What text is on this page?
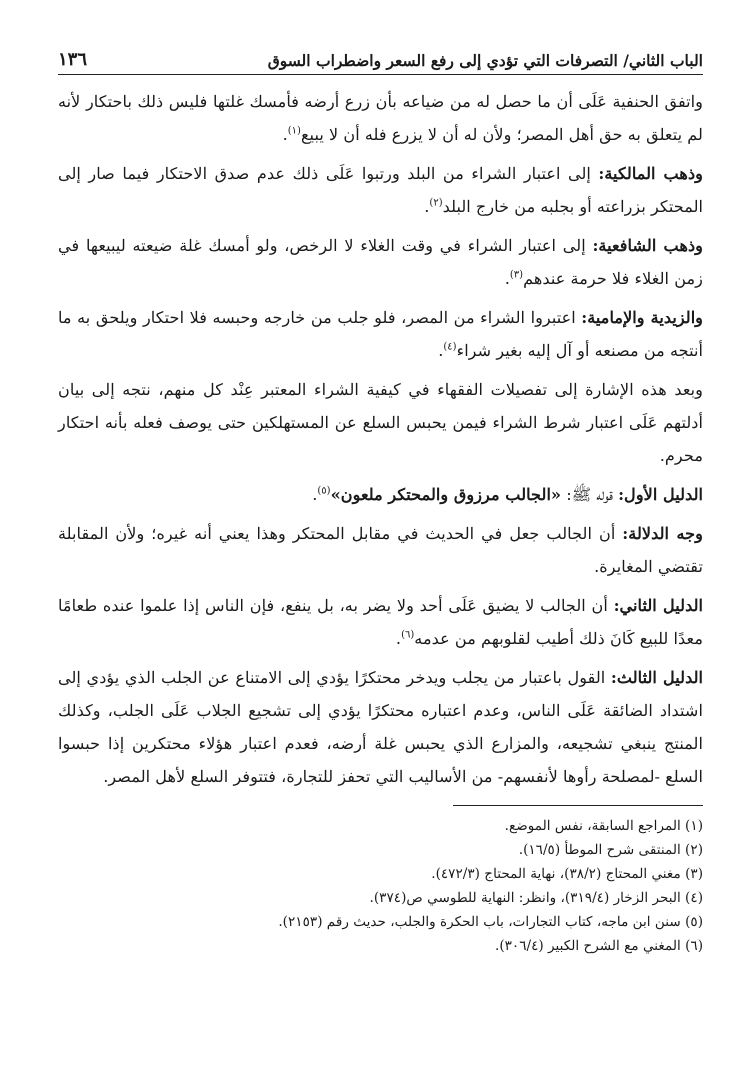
الباب الثاني/ التصرفات التي تؤدي إلى رفع السعر واضطراب السوق
١٣٦

واتفق الحنفية عَلَى أن ما حصل له من ضياعه بأن زرع أرضه فأمسك غلتها فليس ذلك باحتكار لأنه لم يتعلق به حق أهل المصر؛ ولأن له أن لا يزرع فله أن لا يبيع$^{(١)}$.

وذهب المالكية: إلى اعتبار الشراء من البلد ورتبوا عَلَى ذلك عدم صدق الاحتكار فيما صار إلى المحتكر بزراعته أو بجلبه من خارج البلد$^{(٢)}$.

وذهب الشافعية: إلى اعتبار الشراء في وقت الغلاء لا الرخص، ولو أمسك غلة ضيعته ليبيعها في زمن الغلاء فلا حرمة عندهم$^{(٣)}$.

والزيدية والإمامية: اعتبروا الشراء من المصر، فلو جلب من خارجه وحبسه فلا احتكار ويلحق به ما أنتجه من مصنعه أو آل إليه بغير شراء$^{(٤)}$.

وبعد هذه الإشارة إلى تفصيلات الفقهاء في كيفية الشراء المعتبر عِنْد كل منهم، نتجه إلى بيان أدلتهم عَلَى اعتبار شرط الشراء فيمن يحبس السلع عن المستهلكين حتى يوصف فعله بأنه احتكار محرم.

الدليل الأول: قوله ﷺ: «الجالب مرزوق والمحتكر ملعون»$^{(٥)}$.

وجه الدلالة: أن الجالب جعل في الحديث في مقابل المحتكر وهذا يعني أنه غيره؛ ولأن المقابلة تقتضي المغايرة.

الدليل الثاني: أن الجالب لا يضيق عَلَى أحد ولا يضر به، بل ينفع، فإن الناس إذا علموا عنده طعامًا معدًا للبيع كَانَ ذلك أطيب لقلوبهم من عدمه$^{(٦)}$.

الدليل الثالث: القول باعتبار من يجلب ويدخر محتكرًا يؤدي إلى الامتناع عن الجلب الذي يؤدي إلى اشتداد الضائقة عَلَى الناس، وعدم اعتباره محتكرًا يؤدي إلى تشجيع الجلاب عَلَى الجلب، وكذلك المنتج ينبغي تشجيعه، والمزارع الذي يحبس غلة أرضه، فعدم اعتبار هؤلاء محتكرين إذا حبسوا السلع -لمصلحة رأوها لأنفسهم- من الأساليب التي تحفز للتجارة، فتتوفر السلع لأهل المصر.

(١) المراجع السابقة، نفس الموضع.
(٢) المنتقى شرح الموطأ (١٦/٥).
(٣) مغني المحتاج (٣٨/٢)، نهاية المحتاج (٤٧٢/٣).
(٤) البحر الزخار (٣١٩/٤)، وانظر: النهاية للطوسي ص(٣٧٤).
(٥) سنن ابن ماجه، كتاب التجارات، باب الحكرة والجلب، حديث رقم (٢١٥٣).
(٦) المغني مع الشرح الكبير (٣٠٦/٤).
